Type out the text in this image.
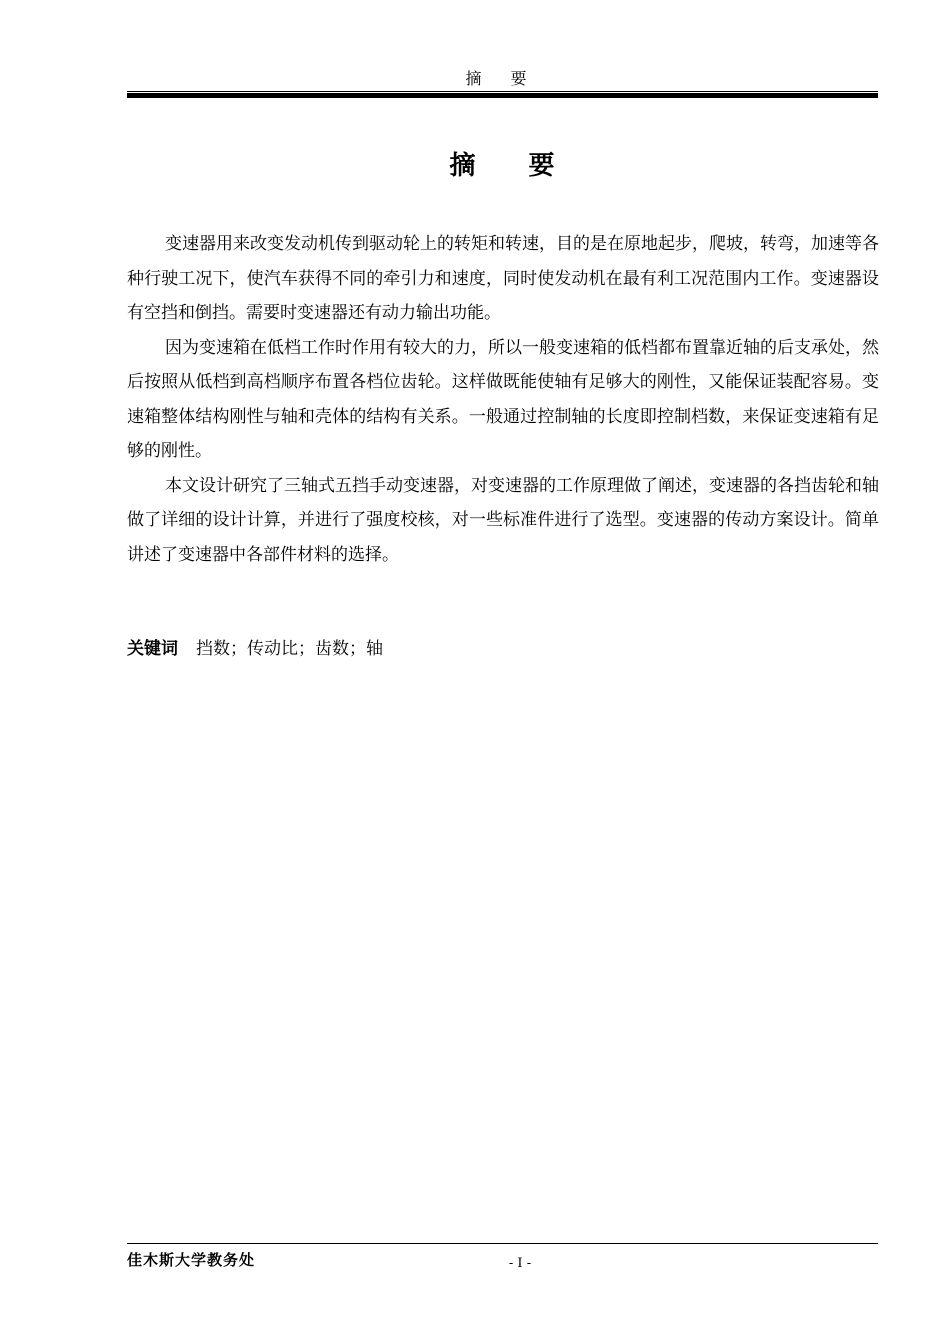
摘 要
摘 要

变速器用来改变发动机传到驱动轮上的转矩和转速，目的是在原地起步，爬坡，转弯，加速等各种行驶工况下，使汽车获得不同的牵引力和速度，同时使发动机在最有利工况范围内工作。变速器设有空挡和倒挡。需要时变速器还有动力输出功能。

因为变速箱在低档工作时作用有较大的力，所以一般变速箱的低档都布置靠近轴的后支承处，然后按照从低档到高档顺序布置各档位齿轮。这样做既能使轴有足够大的刚性，又能保证装配容易。变速箱整体结构刚性与轴和壳体的结构有关系。一般通过控制轴的长度即控制档数，来保证变速箱有足够的刚性。

本文设计研究了三轴式五挡手动变速器，对变速器的工作原理做了阐述，变速器的各挡齿轮和轴做了详细的设计计算，并进行了强度校核，对一些标准件进行了选型。变速器的传动方案设计。简单讲述了变速器中各部件材料的选择。

关键词 挡数；传动比；齿数；轴
佳木斯大学教务处	- I -
